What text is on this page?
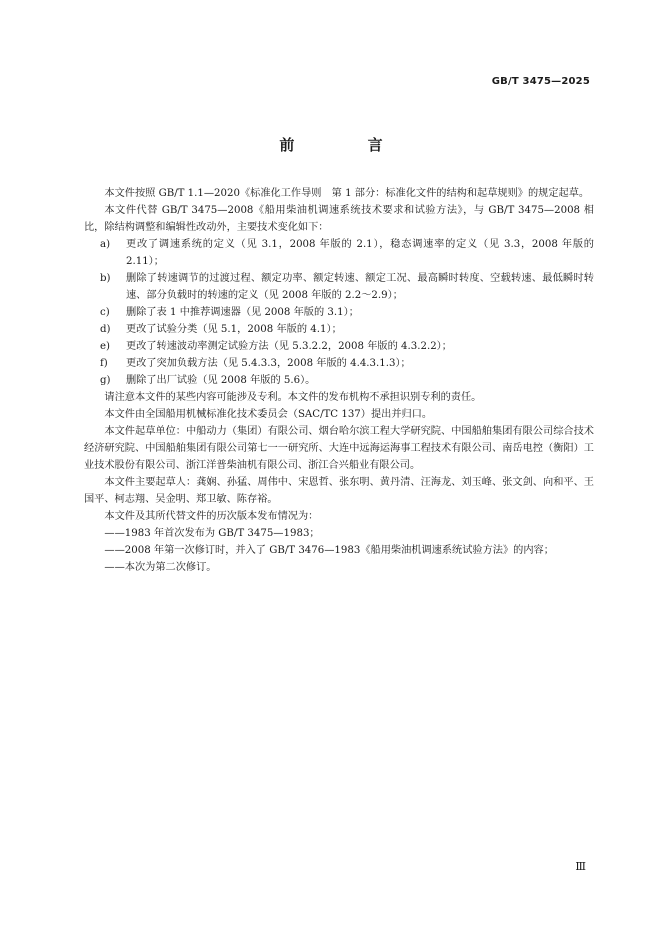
GB/T 3475—2025
前 言

本文件按照 GB/T 1.1—2020《标准化工作导则　第 1 部分：标准化文件的结构和起草规则》的规定起草。

本文件代替 GB/T 3475—2008《船用柴油机调速系统技术要求和试验方法》，与 GB/T 3475—2008 相比，除结构调整和编辑性改动外，主要技术变化如下：

a) 更改了调速系统的定义（见 3.1，2008 年版的 2.1），稳态调速率的定义（见 3.3，2008 年版的 2.11）；

b) 删除了转速调节的过渡过程、额定功率、额定转速、额定工况、最高瞬时转度、空载转速、最低瞬时转速、部分负载时的转速的定义（见 2008 年版的 2.2～2.9）；

c) 删除了表 1 中推荐调速器（见 2008 年版的 3.1）；

d) 更改了试验分类（见 5.1，2008 年版的 4.1）；

e) 更改了转速波动率测定试验方法（见 5.3.2.2，2008 年版的 4.3.2.2）；

f) 更改了突加负载方法（见 5.4.3.3，2008 年版的 4.4.3.1.3）；

g) 删除了出厂试验（见 2008 年版的 5.6）。

请注意本文件的某些内容可能涉及专利。本文件的发布机构不承担识别专利的责任。

本文件由全国船用机械标准化技术委员会（SAC/TC 137）提出并归口。

本文件起草单位：中船动力（集团）有限公司、烟台哈尔滨工程大学研究院、中国船舶集团有限公司综合技术经济研究院、中国船舶集团有限公司第七一一研究所、大连中远海运海事工程技术有限公司、南岳电控（衡阳）工业技术股份有限公司、浙江洋普柴油机有限公司、浙江合兴船业有限公司。

本文件主要起草人：龚娴、孙猛、周伟中、宋恩哲、张东明、黄丹清、汪海龙、刘玉峰、张文剑、向和平、王国平、柯志翔、吴金明、郑卫敏、陈存裕。

本文件及其所代替文件的历次版本发布情况为：

——1983 年首次发布为 GB/T 3475—1983；

——2008 年第一次修订时，并入了 GB/T 3476—1983《船用柴油机调速系统试验方法》的内容；

——本次为第二次修订。

Ⅲ
